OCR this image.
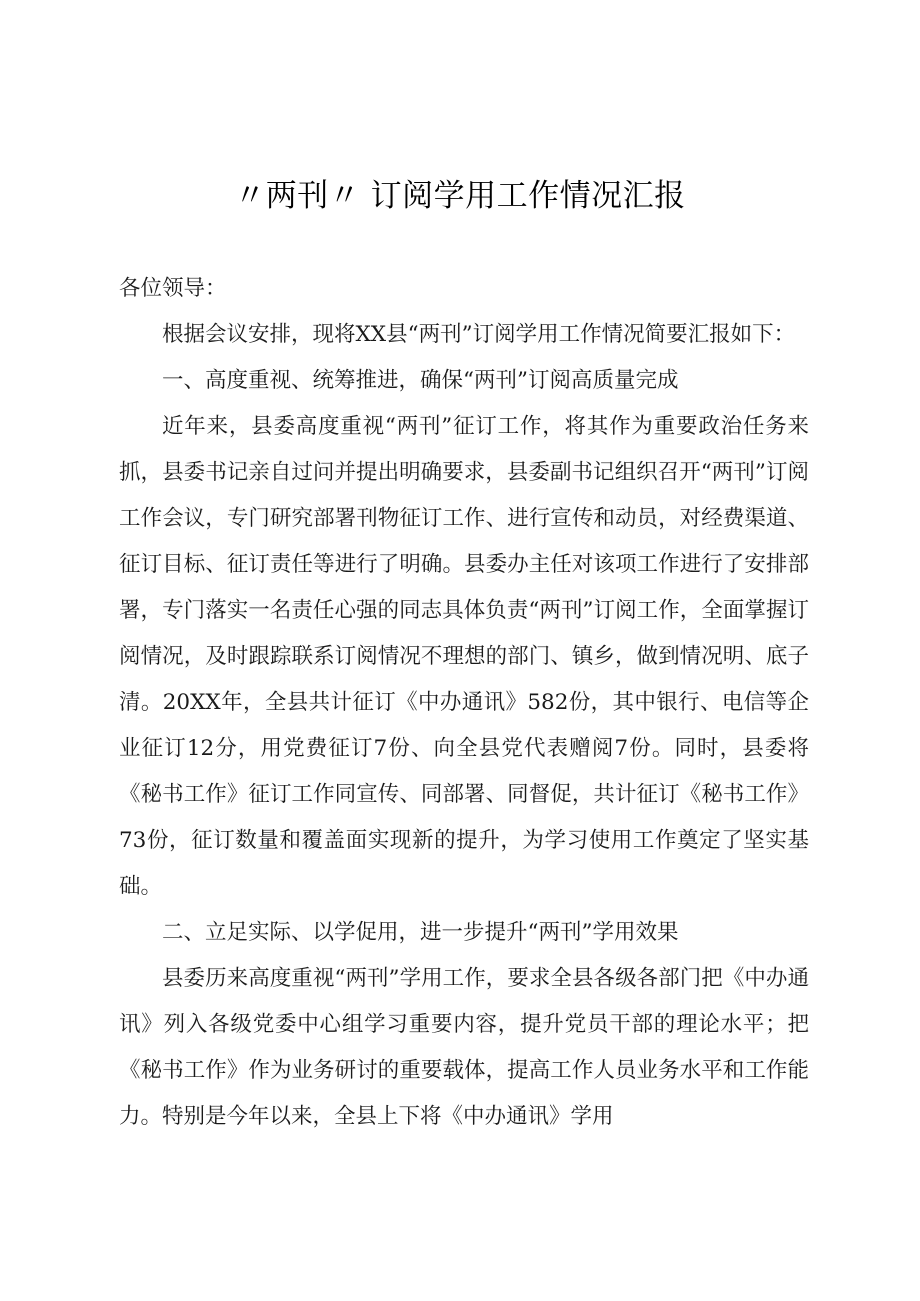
〃两刊〃 订阅学用工作情况汇报

各位领导：

根据会议安排，现将XX县“两刊”订阅学用工作情况简要汇报如下：

一、高度重视、统筹推进，确保“两刊”订阅高质量完成

近年来，县委高度重视“两刊”征订工作，将其作为重要政治任务来抓，县委书记亲自过问并提出明确要求，县委副书记组织召开“两刊”订阅工作会议，专门研究部署刊物征订工作、进行宣传和动员，对经费渠道、征订目标、征订责任等进行了明确。县委办主任对该项工作进行了安排部署，专门落实一名责任心强的同志具体负责“两刊”订阅工作，全面掌握订阅情况，及时跟踪联系订阅情况不理想的部门、镇乡，做到情况明、底子清。20XX年，全县共计征订《中办通讯》582份，其中银行、电信等企业征订12分，用党费征订7份、向全县党代表赠阅7份。同时，县委将《秘书工作》征订工作同宣传、同部署、同督促，共计征订《秘书工作》73份，征订数量和覆盖面实现新的提升，为学习使用工作奠定了坚实基础。

二、立足实际、以学促用，进一步提升“两刊”学用效果

县委历来高度重视“两刊”学用工作，要求全县各级各部门把《中办通讯》列入各级党委中心组学习重要内容，提升党员干部的理论水平；把《秘书工作》作为业务研讨的重要载体，提高工作人员业务水平和工作能力。特别是今年以来，全县上下将《中办通讯》学用
